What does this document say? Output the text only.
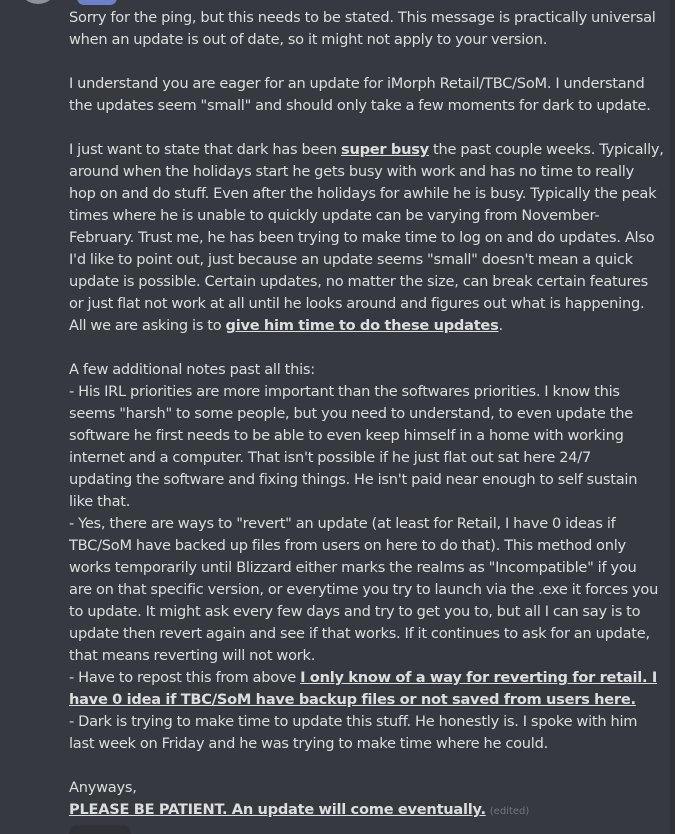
Sorry for the ping, but this needs to be stated. This message is practically universal
when an update is out of date, so it might not apply to your version.
I understand you are eager for an update for iMorph Retail/TBC/SoM. I understand
the updates seem "small" and should only take a few moments for dark to update.
I just want to state that dark has been super busy the past couple weeks. Typically,
around when the holidays start he gets busy with work and has no time to really
hop on and do stuff. Even after the holidays for awhile he is busy. Typically the peak
times where he is unable to quickly update can be varying from November-
February. Trust me, he has been trying to make time to log on and do updates. Also
I'd like to point out, just because an update seems "small" doesn't mean a quick
update is possible. Certain updates, no matter the size, can break certain features
or just flat not work at all until he looks around and figures out what is happening.
All we are asking is to give him time to do these updates.
A few additional notes past all this:
- His IRL priorities are more important than the softwares priorities. I know this
seems "harsh" to some people, but you need to understand, to even update the
software he first needs to be able to even keep himself in a home with working
internet and a computer. That isn't possible if he just flat out sat here 24/7
updating the software and fixing things. He isn't paid near enough to self sustain
like that.
- Yes, there are ways to "revert" an update (at least for Retail, I have 0 ideas if
TBC/SoM have backed up files from users on here to do that). This method only
works temporarily until Blizzard either marks the realms as "Incompatible" if you
are on that specific version, or everytime you try to launch via the .exe it forces you
to update. It might ask every few days and try to get you to, but all I can say is to
update then revert again and see if that works. If it continues to ask for an update,
that means reverting will not work.
- Have to repost this from above I only know of a way for reverting for retail. I
have 0 idea if TBC/SoM have backup files or not saved from users here.
- Dark is trying to make time to update this stuff. He honestly is. I spoke with him
last week on Friday and he was trying to make time where he could.
Anyways,
PLEASE BE PATIENT. An update will come eventually. (edited)
